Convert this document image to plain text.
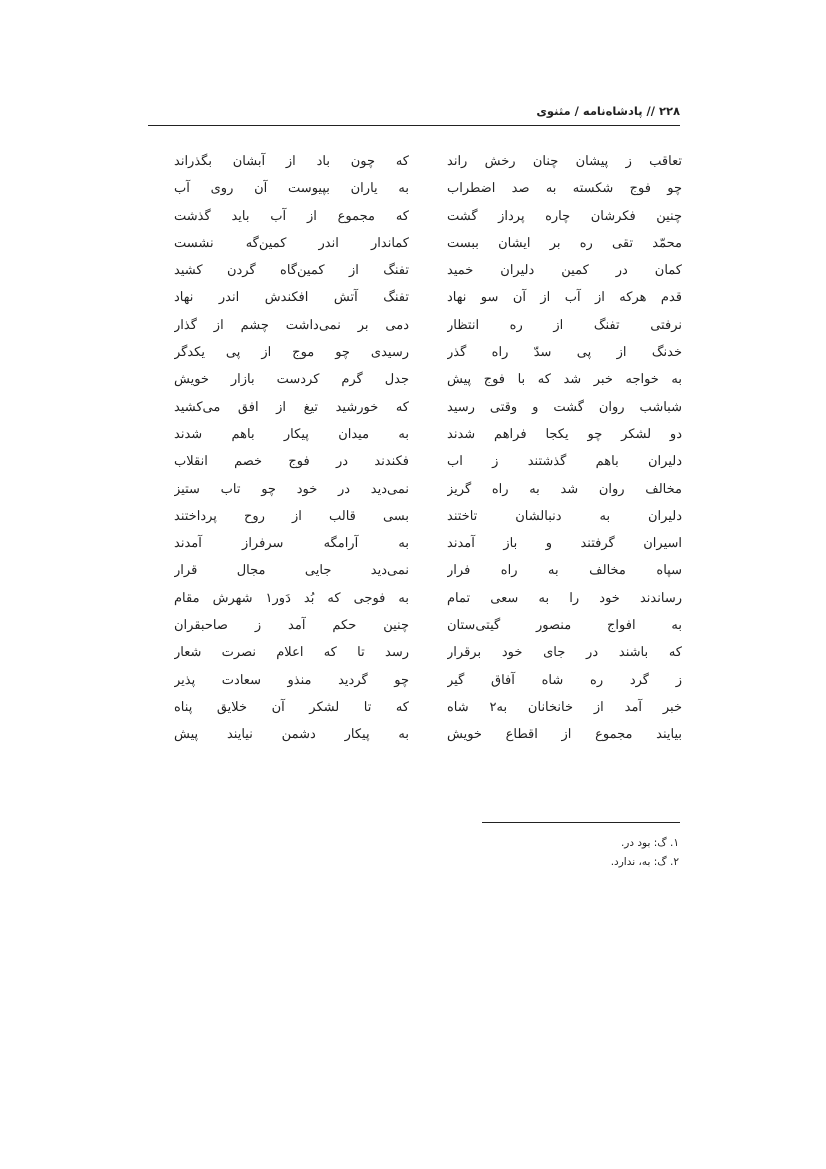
۲۲۸ // پادشاه‌نامه / مثنوی
تعاقب ز پیشان چنان رخش راند
چو فوج شکسته به صد اضطراب
چنین فکرشان چاره پرداز گشت
محمّد تقی ره بر ایشان ببست
کمان در کمین دلیران خمید
قدم هرکه از آب از آن سو نهاد
نرفتی تفنگ از ره انتظار
خدنگ از پی سدّ راه گذر
به خواجه خبر شد که با فوج پیش
شباشب روان گشت و وقتی رسید
دو لشکر چو یکجا فراهم شدند
دلیران باهم گذشتند ز اب
مخالف روان شد به راه گریز
دلیران به دنبالشان تاختند
اسیران گرفتند و باز آمدند
سپاه مخالف به راه فرار
رساندند خود را به سعی تمام
به افواج منصور گیتی‌ستان
که باشند در جای خود برقرار
ز گرد ره شاه آفاق گیر
خبر آمد از خانخانان به۲ شاه
بیایند مجموع از اقطاع خویش
که چون باد از آبشان بگذراند
به یاران بپیوست آن روی آب
که مجموع از آب باید گذشت
کماندار اندر کمین‌گه نشست
تفنگ از کمین‌گاه گردن کشید
تفنگ آتش افکندش اندر نهاد
دمی بر نمی‌داشت چشم از گذار
رسیدی چو موج از پی یکدگر
جدل گرم کردست بازار خویش
که خورشید تیغ از افق می‌کشید
به میدان پیکار باهم شدند
فکندند در فوج خصم انقلاب
نمی‌دید در خود چو تاب ستیز
بسی قالب از روح پرداختند
به آرامگه سرفراز آمدند
نمی‌دید جایی مجال قرار
به فوجی که بُد دَور۱ شهرش مقام
چنین حکم آمد ز صاحبقران
رسد تا که اعلام نصرت شعار
چو گردید منذو سعادت پذیر
که تا لشکر آن خلایق پناه
به پیکار دشمن نیایند پیش
۱. گ: بود در.
۲. گ: به، ندارد.
